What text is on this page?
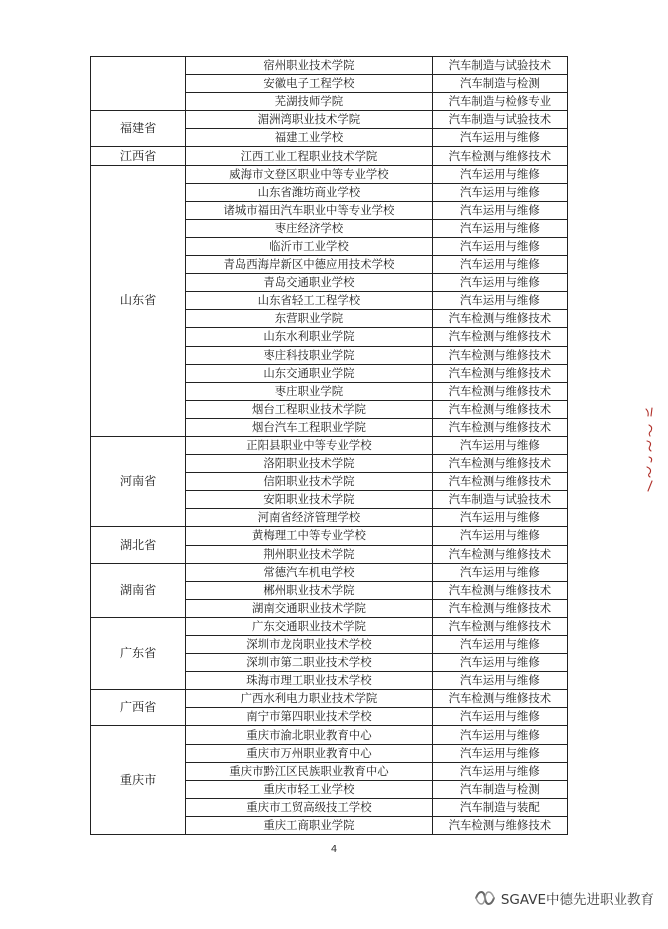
	宿州职业技术学院	汽车制造与试验技术
	安徽电子工程学校	汽车制造与检测
	芜湖技师学院	汽车制造与检修专业
福建省	湄洲湾职业技术学院	汽车制造与试验技术
	福建工业学校	汽车运用与维修
江西省	江西工业工程职业技术学院	汽车检测与维修技术
山东省	威海市文登区职业中等专业学校	汽车运用与维修
	山东省潍坊商业学校	汽车运用与维修
	诸城市福田汽车职业中等专业学校	汽车运用与维修
	枣庄经济学校	汽车运用与维修
	临沂市工业学校	汽车运用与维修
	青岛西海岸新区中德应用技术学校	汽车运用与维修
	青岛交通职业学校	汽车运用与维修
	山东省轻工工程学校	汽车运用与维修
	东营职业学院	汽车检测与维修技术
	山东水利职业学院	汽车检测与维修技术
	枣庄科技职业学院	汽车检测与维修技术
	山东交通职业学院	汽车检测与维修技术
	枣庄职业学院	汽车检测与维修技术
	烟台工程职业技术学院	汽车检测与维修技术
	烟台汽车工程职业学院	汽车检测与维修技术
河南省	正阳县职业中等专业学校	汽车运用与维修
	洛阳职业技术学院	汽车检测与维修技术
	信阳职业技术学院	汽车检测与维修技术
	安阳职业技术学院	汽车制造与试验技术
	河南省经济管理学校	汽车运用与维修
湖北省	黄梅理工中等专业学校	汽车运用与维修
	荆州职业技术学院	汽车检测与维修技术
湖南省	常德汽车机电学校	汽车运用与维修
	郴州职业技术学院	汽车检测与维修技术
	湖南交通职业技术学院	汽车检测与维修技术
广东省	广东交通职业技术学院	汽车检测与维修技术
	深圳市龙岗职业技术学校	汽车运用与维修
	深圳市第二职业技术学校	汽车运用与维修
	珠海市理工职业技术学校	汽车运用与维修
广西省	广西水利电力职业技术学院	汽车检测与维修技术
	南宁市第四职业技术学校	汽车运用与维修
重庆市	重庆市渝北职业教育中心	汽车运用与维修
	重庆市万州职业教育中心	汽车运用与维修
	重庆市黔江区民族职业教育中心	汽车运用与维修
	重庆市轻工业学校	汽车制造与检测
	重庆市工贸高级技工学校	汽车制造与装配
	重庆工商职业学院	汽车检测与维修技术
4
SGAVE中德先进职业教育
